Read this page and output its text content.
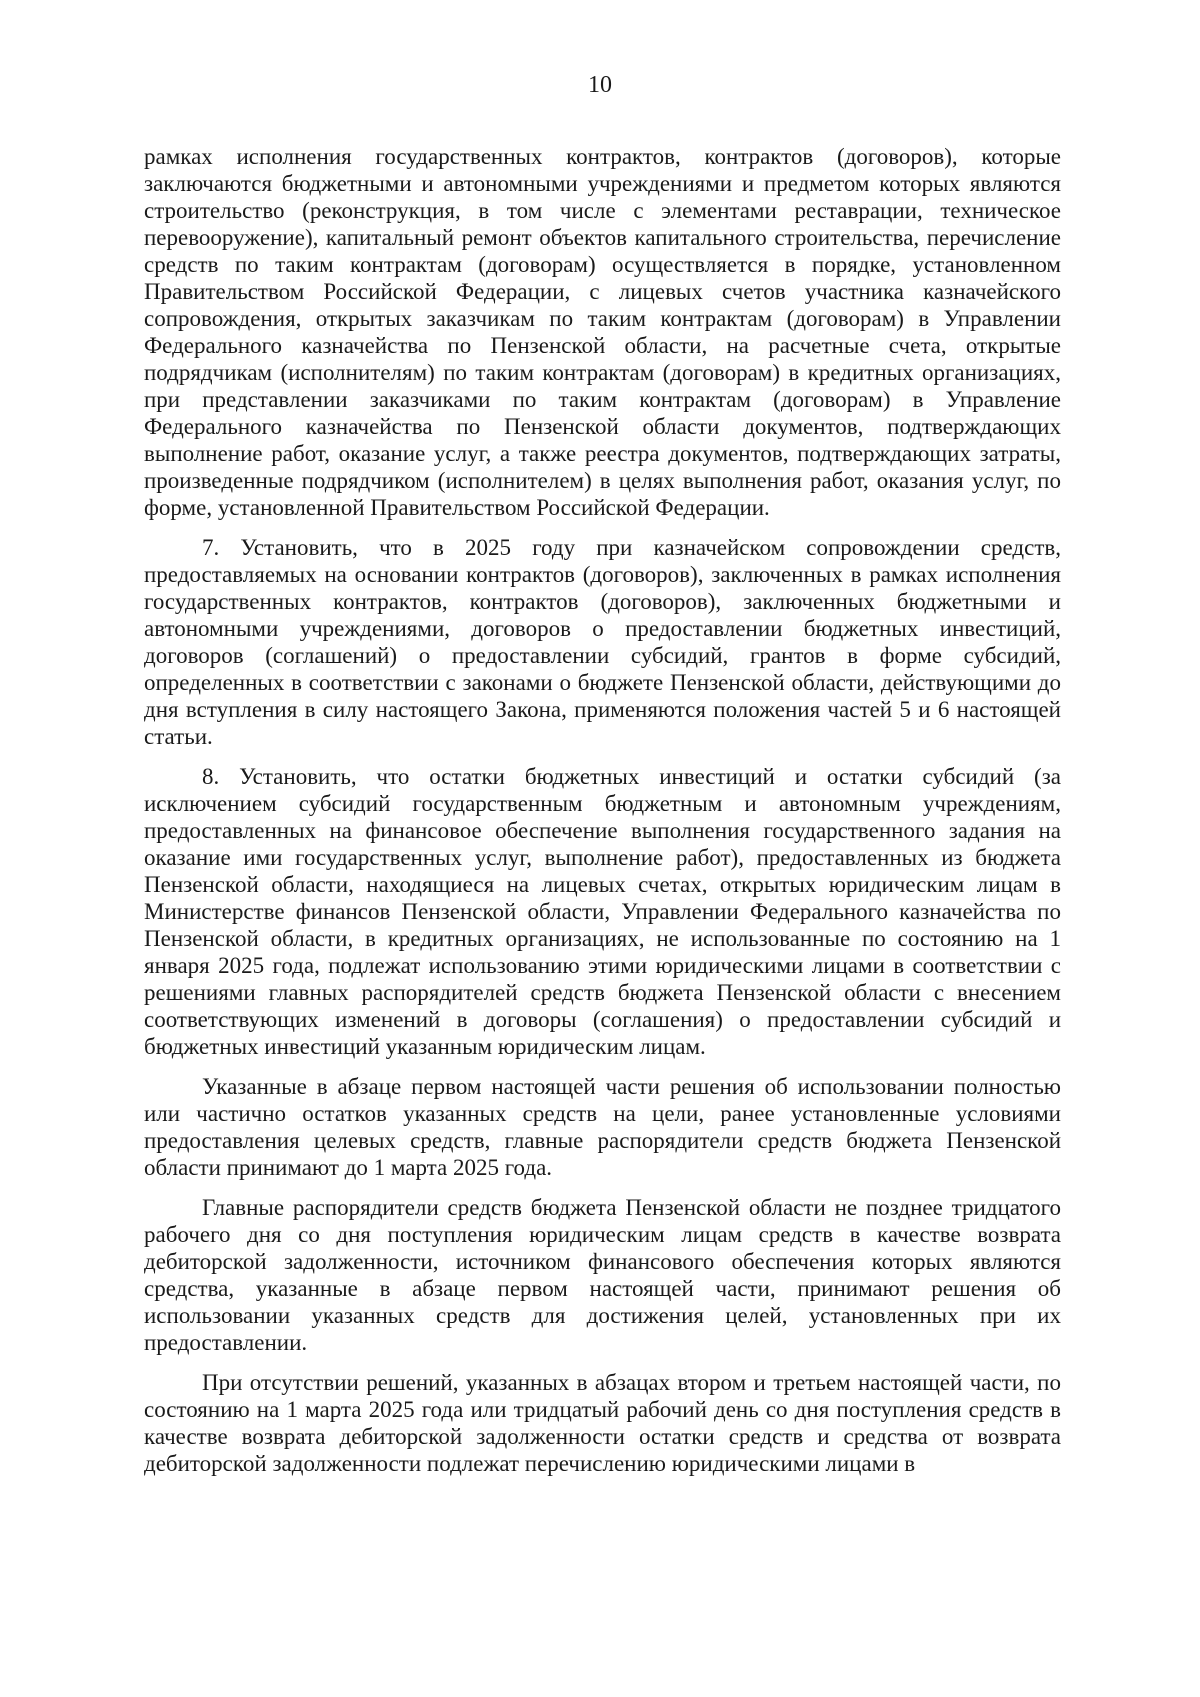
10

рамках исполнения государственных контрактов, контрактов (договоров), которые заключаются бюджетными и автономными учреждениями и предметом которых являются строительство (реконструкция, в том числе с элементами реставрации, техническое перевооружение), капитальный ремонт объектов капитального строительства, перечисление средств по таким контрактам (договорам) осуществляется в порядке, установленном Правительством Российской Федерации, с лицевых счетов участника казначейского сопровождения, открытых заказчикам по таким контрактам (договорам) в Управлении Федерального казначейства по Пензенской области, на расчетные счета, открытые подрядчикам (исполнителям) по таким контрактам (договорам) в кредитных организациях, при представлении заказчиками по таким контрактам (договорам) в Управление Федерального казначейства по Пензенской области документов, подтверждающих выполнение работ, оказание услуг, а также реестра документов, подтверждающих затраты, произведенные подрядчиком (исполнителем) в целях выполнения работ, оказания услуг, по форме, установленной Правительством Российской Федерации.

7. Установить, что в 2025 году при казначейском сопровождении средств, предоставляемых на основании контрактов (договоров), заключенных в рамках исполнения государственных контрактов, контрактов (договоров), заключенных бюджетными и автономными учреждениями, договоров о предоставлении бюджетных инвестиций, договоров (соглашений) о предоставлении субсидий, грантов в форме субсидий, определенных в соответствии с законами о бюджете Пензенской области, действующими до дня вступления в силу настоящего Закона, применяются положения частей 5 и 6 настоящей статьи.

8. Установить, что остатки бюджетных инвестиций и остатки субсидий (за исключением субсидий государственным бюджетным и автономным учреждениям, предоставленных на финансовое обеспечение выполнения государственного задания на оказание ими государственных услуг, выполнение работ), предоставленных из бюджета Пензенской области, находящиеся на лицевых счетах, открытых юридическим лицам в Министерстве финансов Пензенской области, Управлении Федерального казначейства по Пензенской области, в кредитных организациях, не использованные по состоянию на 1 января 2025 года, подлежат использованию этими юридическими лицами в соответствии с решениями главных распорядителей средств бюджета Пензенской области с внесением соответствующих изменений в договоры (соглашения) о предоставлении субсидий и бюджетных инвестиций указанным юридическим лицам.

Указанные в абзаце первом настоящей части решения об использовании полностью или частично остатков указанных средств на цели, ранее установленные условиями предоставления целевых средств, главные распорядители средств бюджета Пензенской области принимают до 1 марта 2025 года.

Главные распорядители средств бюджета Пензенской области не позднее тридцатого рабочего дня со дня поступления юридическим лицам средств в качестве возврата дебиторской задолженности, источником финансового обеспечения которых являются средства, указанные в абзаце первом настоящей части, принимают решения об использовании указанных средств для достижения целей, установленных при их предоставлении.

При отсутствии решений, указанных в абзацах втором и третьем настоящей части, по состоянию на 1 марта 2025 года или тридцатый рабочий день со дня поступления средств в качестве возврата дебиторской задолженности остатки средств и средства от возврата дебиторской задолженности подлежат перечислению юридическими лицами в
